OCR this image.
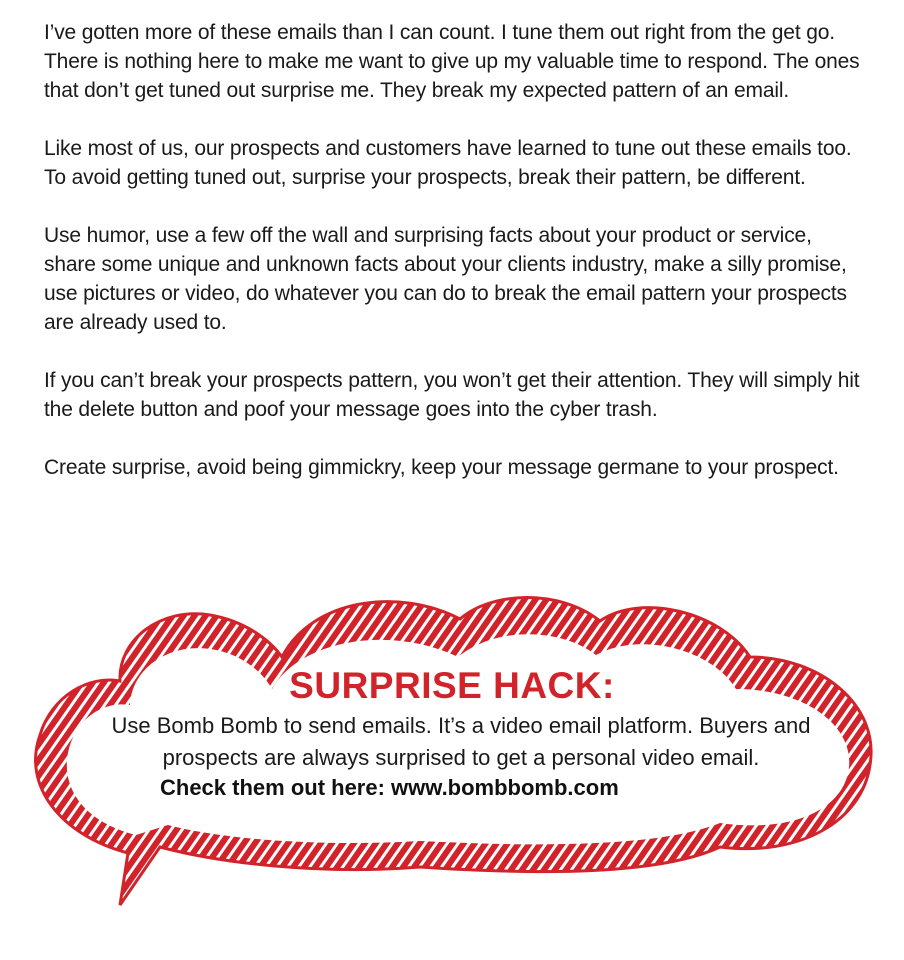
I’ve gotten more of these emails than I can count. I tune them out right from the get go. There is nothing here to make me want to give up my valuable time to respond. The ones that don’t get tuned out surprise me. They break my expected pattern of an email.

Like most of us, our prospects and customers have learned to tune out these emails too. To avoid getting tuned out, surprise your prospects, break their pattern, be different.

Use humor, use a few off the wall and surprising facts about your product or service, share some unique and unknown facts about your clients industry, make a silly promise, use pictures or video, do whatever you can do to break the email pattern your prospects are already used to.

If you can’t break your prospects pattern, you won’t get their attention. They will simply hit the delete button and poof your message goes into the cyber trash.

Create surprise, avoid being gimmickry, keep your message germane to your prospect.

SURPRISE HACK:
Use Bomb Bomb to send emails. It’s a video email platform. Buyers and prospects are always surprised to get a personal video email.
Check them out here: www.bombbomb.com
